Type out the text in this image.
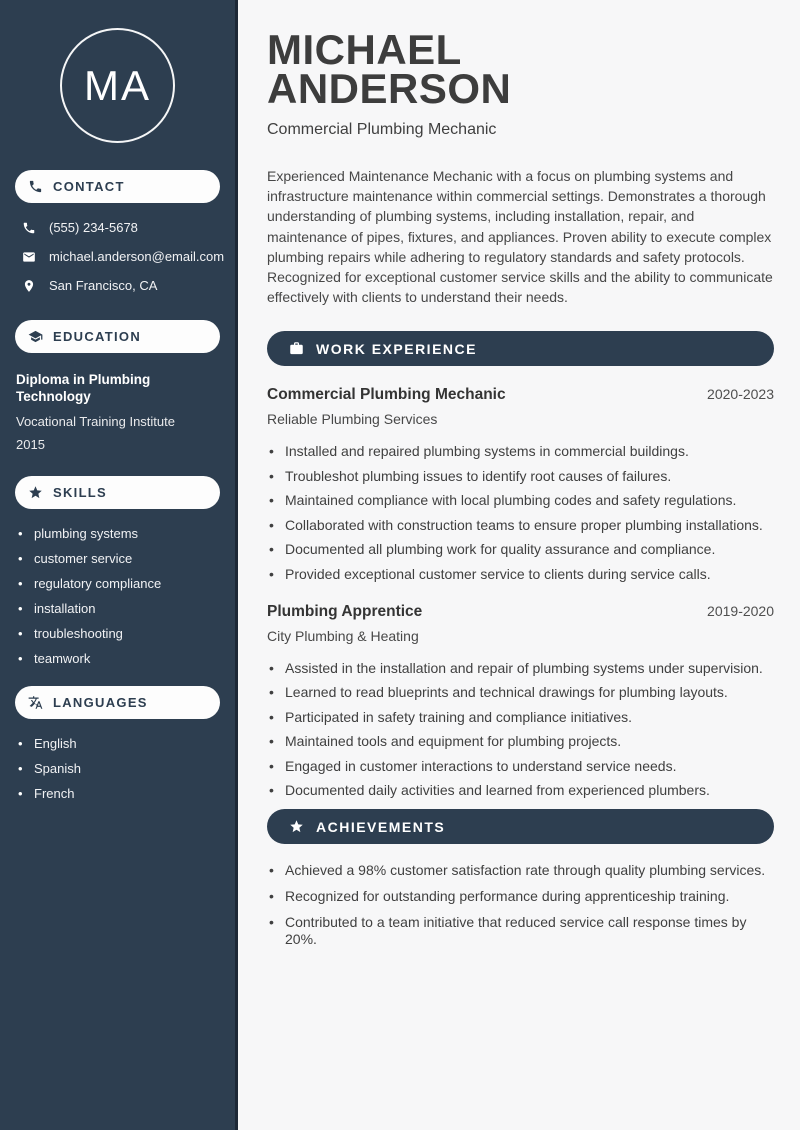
MA
CONTACT
(555) 234-5678
michael.anderson@email.com
San Francisco, CA
EDUCATION
Diploma in Plumbing Technology
Vocational Training Institute
2015
SKILLS
• plumbing systems
• customer service
• regulatory compliance
• installation
• troubleshooting
• teamwork
LANGUAGES
• English
• Spanish
• French
MICHAEL
ANDERSON
Commercial Plumbing Mechanic

Experienced Maintenance Mechanic with a focus on plumbing systems and infrastructure maintenance within commercial settings. Demonstrates a thorough understanding of plumbing systems, including installation, repair, and maintenance of pipes, fixtures, and appliances. Proven ability to execute complex plumbing repairs while adhering to regulatory standards and safety protocols. Recognized for exceptional customer service skills and the ability to communicate effectively with clients to understand their needs.

WORK EXPERIENCE
Commercial Plumbing Mechanic	2020-2023
Reliable Plumbing Services
• Installed and repaired plumbing systems in commercial buildings.
• Troubleshot plumbing issues to identify root causes of failures.
• Maintained compliance with local plumbing codes and safety regulations.
• Collaborated with construction teams to ensure proper plumbing installations.
• Documented all plumbing work for quality assurance and compliance.
• Provided exceptional customer service to clients during service calls.
Plumbing Apprentice	2019-2020
City Plumbing & Heating
• Assisted in the installation and repair of plumbing systems under supervision.
• Learned to read blueprints and technical drawings for plumbing layouts.
• Participated in safety training and compliance initiatives.
• Maintained tools and equipment for plumbing projects.
• Engaged in customer interactions to understand service needs.
• Documented daily activities and learned from experienced plumbers.
ACHIEVEMENTS
• Achieved a 98% customer satisfaction rate through quality plumbing services.
• Recognized for outstanding performance during apprenticeship training.
• Contributed to a team initiative that reduced service call response times by 20%.
